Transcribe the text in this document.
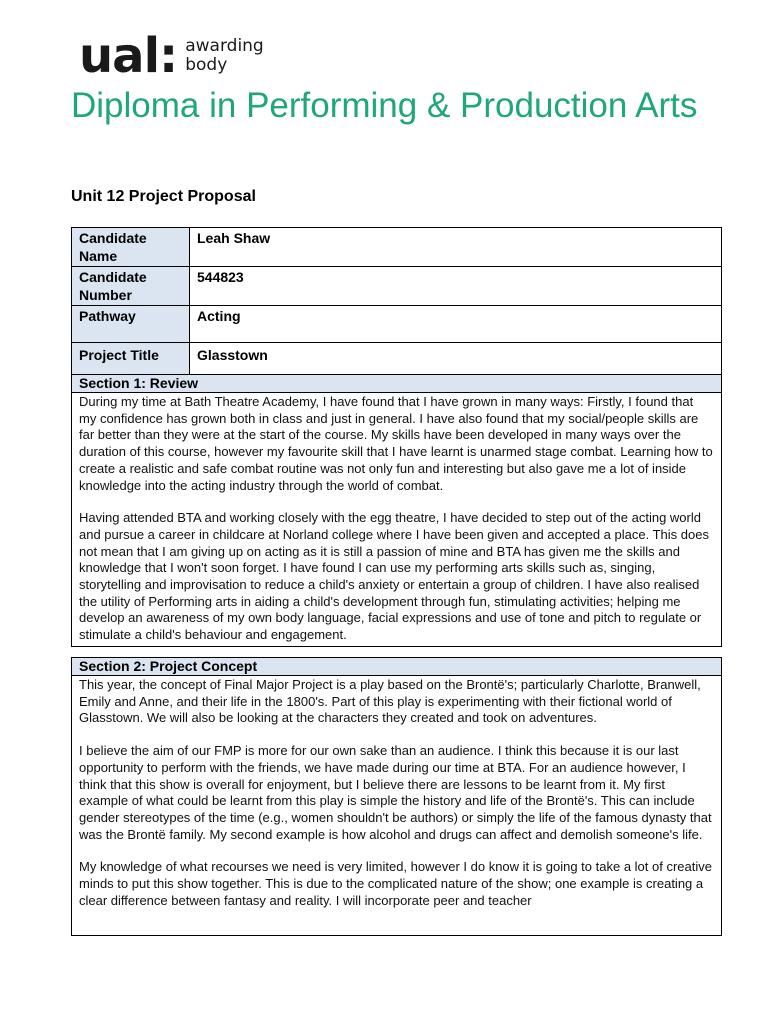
ual: awarding
body
Diploma in Performing & Production Arts
Unit 12 Project Proposal
Candidate Name	Leah Shaw
Candidate Number	544823
Pathway	Acting
Project Title	Glasstown
Section 1: Review

During my time at Bath Theatre Academy, I have found that I have grown in many ways: Firstly, I found that my confidence has grown both in class and just in general. I have also found that my social/people skills are far better than they were at the start of the course. My skills have been developed in many ways over the duration of this course, however my favourite skill that I have learnt is unarmed stage combat. Learning how to create a realistic and safe combat routine was not only fun and interesting but also gave me a lot of inside knowledge into the acting industry through the world of combat.

Having attended BTA and working closely with the egg theatre, I have decided to step out of the acting world and pursue a career in childcare at Norland college where I have been given and accepted a place. This does not mean that I am giving up on acting as it is still a passion of mine and BTA has given me the skills and knowledge that I won't soon forget. I have found I can use my performing arts skills such as, singing, storytelling and improvisation to reduce a child's anxiety or entertain a group of children. I have also realised the utility of Performing arts in aiding a child's development through fun, stimulating activities; helping me develop an awareness of my own body language, facial expressions and use of tone and pitch to regulate or stimulate a child's behaviour and engagement.

Section 2: Project Concept

This year, the concept of Final Major Project is a play based on the Brontë's; particularly Charlotte, Branwell, Emily and Anne, and their life in the 1800's. Part of this play is experimenting with their fictional world of Glasstown. We will also be looking at the characters they created and took on adventures.

I believe the aim of our FMP is more for our own sake than an audience. I think this because it is our last opportunity to perform with the friends, we have made during our time at BTA. For an audience however, I think that this show is overall for enjoyment, but I believe there are lessons to be learnt from it. My first example of what could be learnt from this play is simple the history and life of the Brontë's. This can include gender stereotypes of the time (e.g., women shouldn't be authors) or simply the life of the famous dynasty that was the Brontë family. My second example is how alcohol and drugs can affect and demolish someone's life.

My knowledge of what recourses we need is very limited, however I do know it is going to take a lot of creative minds to put this show together. This is due to the complicated nature of the show; one example is creating a clear difference between fantasy and reality. I will incorporate peer and teacher
